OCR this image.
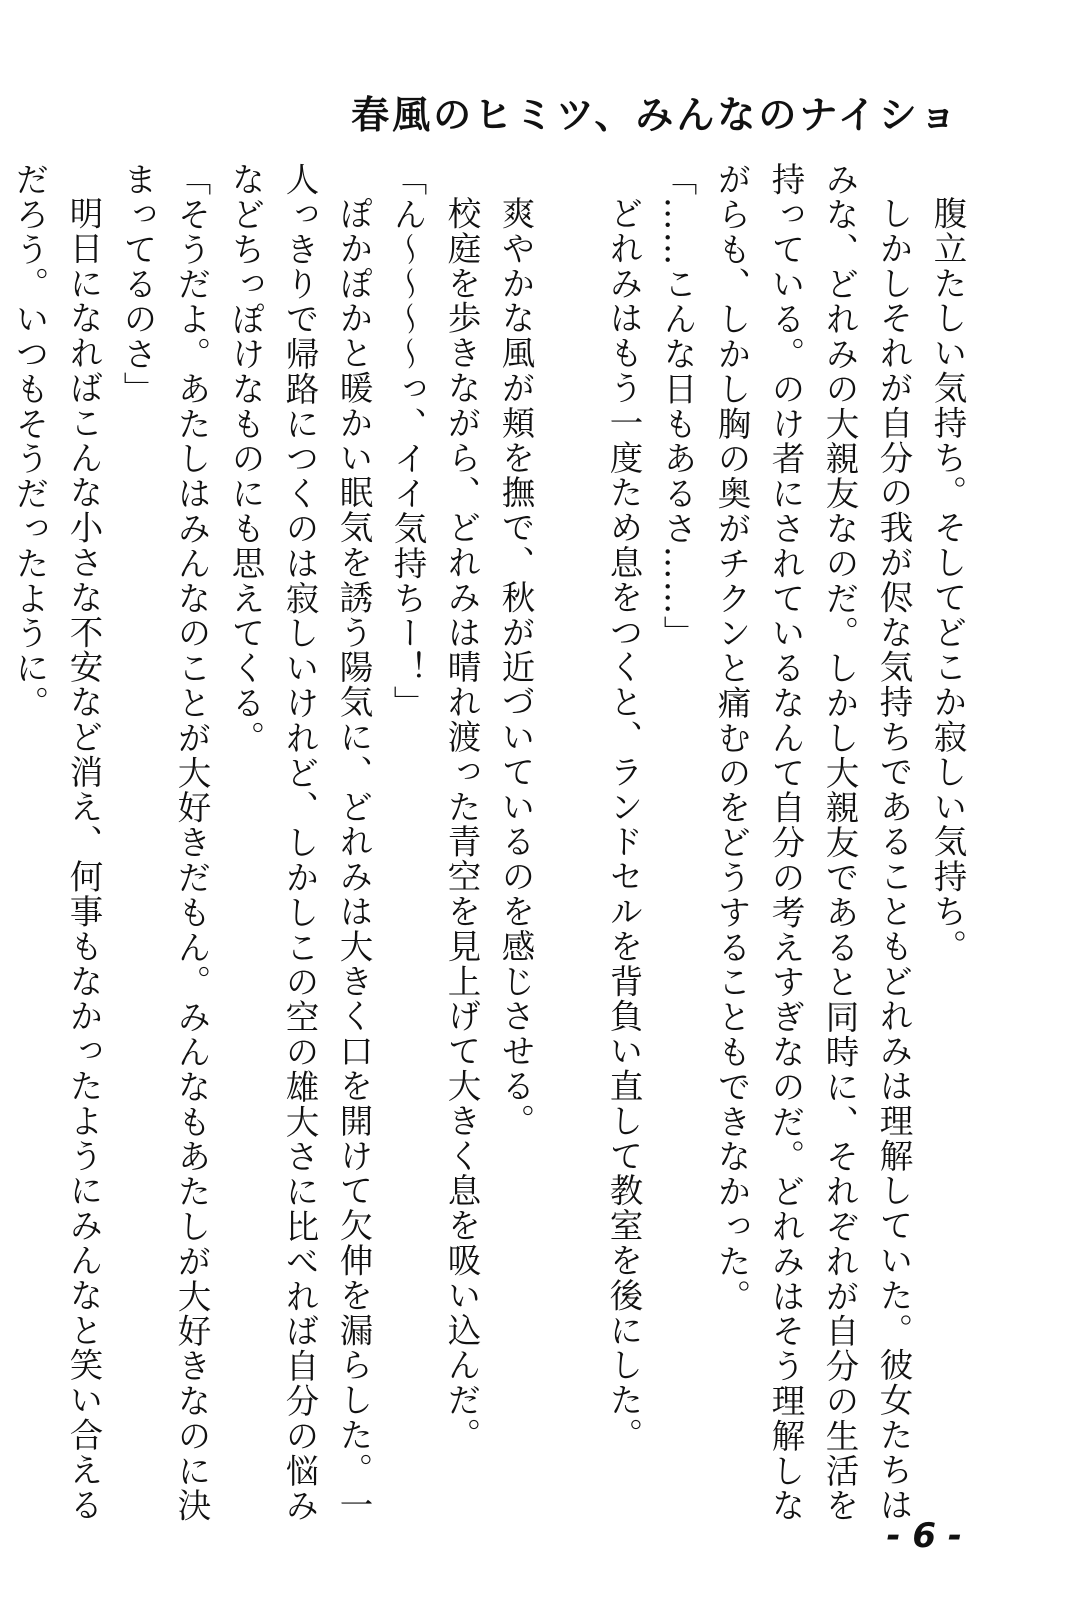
春風のヒミツ、みんなのナイショ

腹立たしい気持ち。そしてどこか寂しい気持ち。

しかしそれが自分の我が侭な気持ちであることもどれみは理解していた。彼女たちはみな、どれみの大親友なのだ。しかし大親友であると同時に、それぞれが自分の生活を持っている。のけ者にされているなんて自分の考えすぎなのだ。どれみはそう理解しながらも、しかし胸の奥がチクンと痛むのをどうすることもできなかった。

「……こんな日もあるさ……」

どれみはもう一度ため息をつくと、ランドセルを背負い直して教室を後にした。

爽やかな風が頬を撫で、秋が近づいているのを感じさせる。

校庭を歩きながら、どれみは晴れ渡った青空を見上げて大きく息を吸い込んだ。

「ん〜〜〜〜っ、イイ気持ちー！」

ぽかぽかと暖かい眠気を誘う陽気に、どれみは大きく口を開けて欠伸を漏らした。一人っきりで帰路につくのは寂しいけれど、しかしこの空の雄大さに比べれば自分の悩みなどちっぽけなものにも思えてくる。

「そうだよ。あたしはみんなのことが大好きだもん。みんなもあたしが大好きなのに決まってるのさ」

明日になればこんな小さな不安など消え、何事もなかったようにみんなと笑い合えるだろう。いつもそうだったように。

- 6 -
